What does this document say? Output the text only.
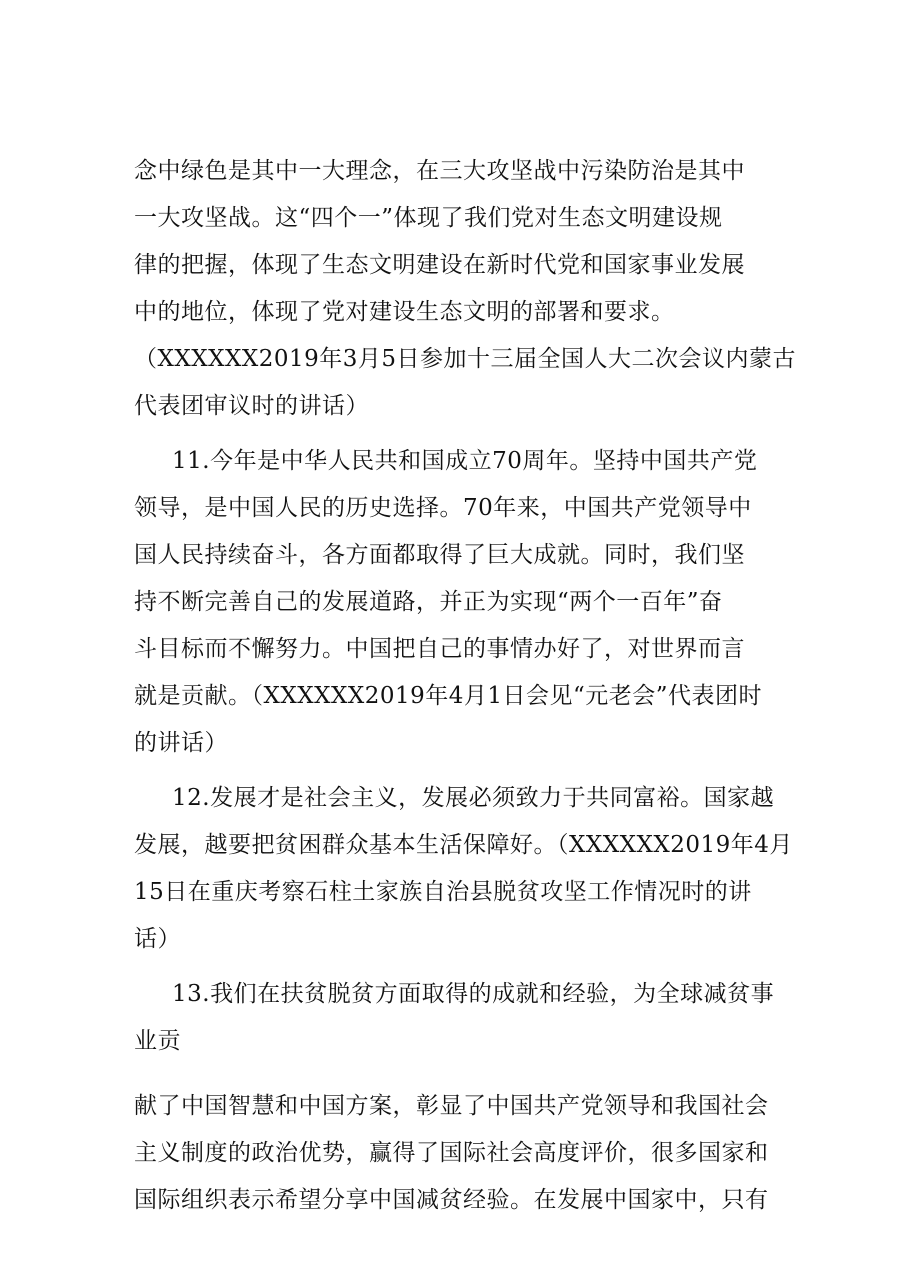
念中绿色是其中一大理念，在三大攻坚战中污染防治是其中
一大攻坚战。这“四个一”体现了我们党对生态文明建设规
律的把握，体现了生态文明建设在新时代党和国家事业发展
中的地位，体现了党对建设生态文明的部署和要求。
（XXXXXX2019年3月5日参加十三届全国人大二次会议内蒙古
代表团审议时的讲话）
11.今年是中华人民共和国成立70周年。坚持中国共产党
领导，是中国人民的历史选择。70年来，中国共产党领导中
国人民持续奋斗，各方面都取得了巨大成就。同时，我们坚
持不断完善自己的发展道路，并正为实现“两个一百年”奋
斗目标而不懈努力。中国把自己的事情办好了，对世界而言
就是贡献。（XXXXXX2019年4月1日会见“元老会”代表团时
的讲话）
12.发展才是社会主义，发展必须致力于共同富裕。国家越
发展，越要把贫困群众基本生活保障好。（XXXXXX2019年4月
15日在重庆考察石柱土家族自治县脱贫攻坚工作情况时的讲
话）
13.我们在扶贫脱贫方面取得的成就和经验，为全球减贫事
业贡
献了中国智慧和中国方案，彰显了中国共产党领导和我国社会
主义制度的政治优势，赢得了国际社会高度评价，很多国家和
国际组织表示希望分享中国减贫经验。在发展中国家中，只有
